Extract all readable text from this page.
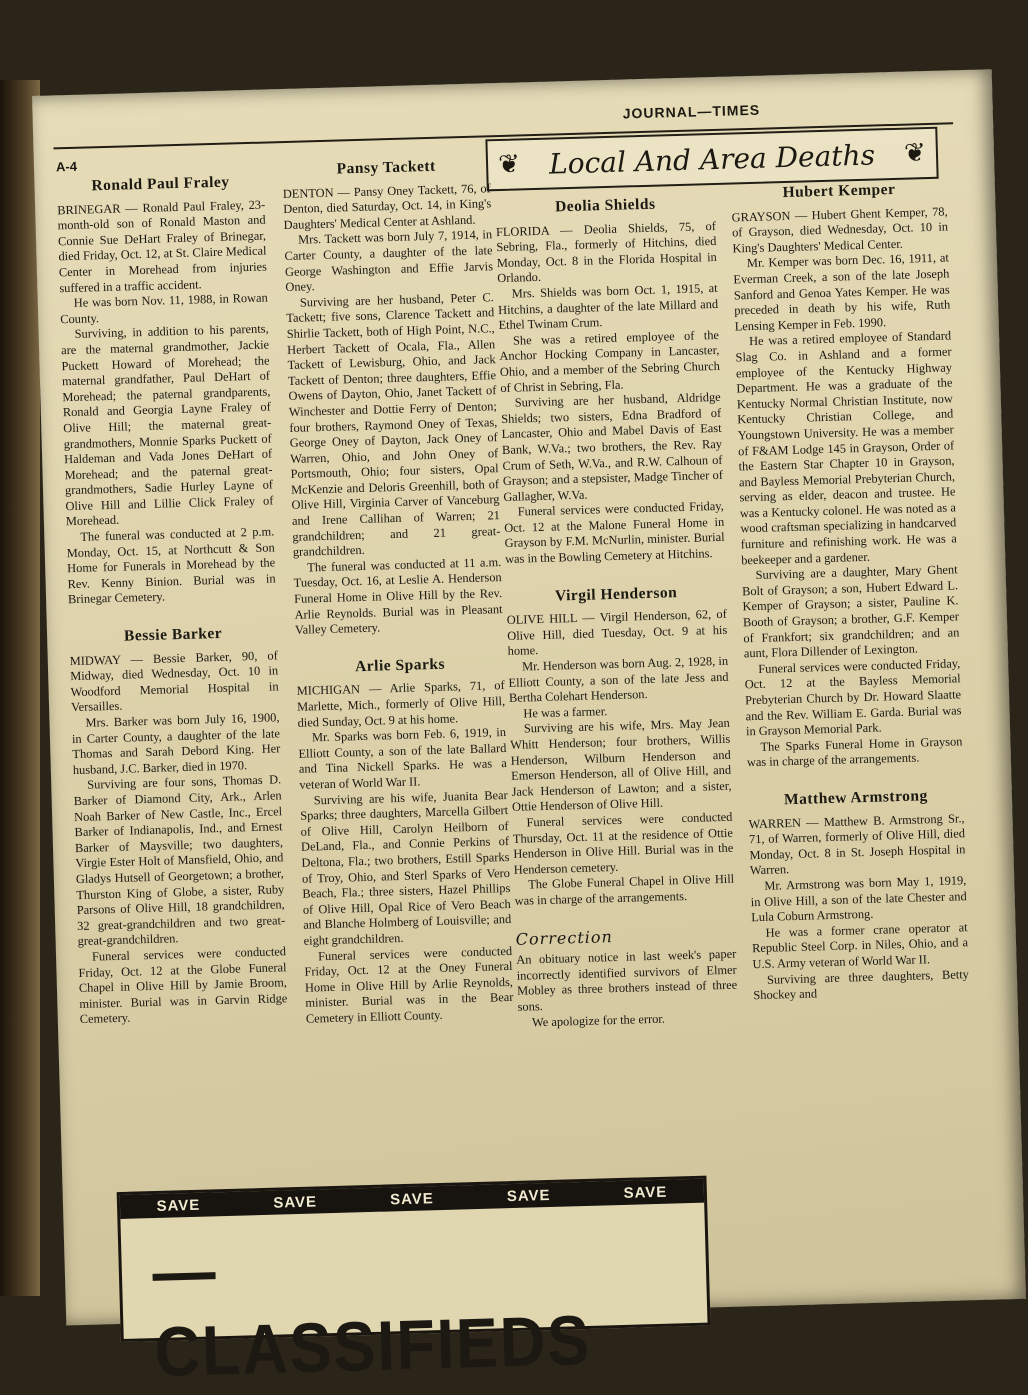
JOURNAL—TIMES
A-4	❦ Local And Area Deaths ❦
Ronald Paul Fraley

BRINEGAR — Ronald Paul Fraley, 23-month-old son of Ronald Maston and Connie Sue DeHart Fraley of Brinegar, died Friday, Oct. 12, at St. Claire Medical Center in Morehead from injuries suffered in a traffic accident.

He was born Nov. 11, 1988, in Rowan County.

Surviving, in addition to his parents, are the maternal grandmother, Jackie Puckett Howard of Morehead; the maternal grandfather, Paul DeHart of Morehead; the paternal grandparents, Ronald and Georgia Layne Fraley of Olive Hill; the maternal great-grandmothers, Monnie Sparks Puckett of Haldeman and Vada Jones DeHart of Morehead; and the paternal great-grandmothers, Sadie Hurley Layne of Olive Hill and Lillie Click Fraley of Morehead.

The funeral was conducted at 2 p.m. Monday, Oct. 15, at Northcutt & Son Home for Funerals in Morehead by the Rev. Kenny Binion. Burial was in Brinegar Cemetery.

Bessie Barker

MIDWAY — Bessie Barker, 90, of Midway, died Wednesday, Oct. 10 in Woodford Memorial Hospital in Versailles.

Mrs. Barker was born July 16, 1900, in Carter County, a daughter of the late Thomas and Sarah Debord King. Her husband, J.C. Barker, died in 1970.

Surviving are four sons, Thomas D. Barker of Diamond City, Ark., Arlen Noah Barker of New Castle, Inc., Ercel Barker of Indianapolis, Ind., and Ernest Barker of Maysville; two daughters, Virgie Ester Holt of Mansfield, Ohio, and Gladys Hutsell of Georgetown; a brother, Thurston King of Globe, a sister, Ruby Parsons of Olive Hill, 18 grandchildren, 32 great-grandchildren and two great-great-grandchildren.

Funeral services were conducted Friday, Oct. 12 at the Globe Funeral Chapel in Olive Hill by Jamie Broom, minister. Burial was in Garvin Ridge Cemetery.

Pansy Tackett

DENTON — Pansy Oney Tackett, 76, of Denton, died Saturday, Oct. 14, in King's Daughters' Medical Center at Ashland.

Mrs. Tackett was born July 7, 1914, in Carter County, a daughter of the late George Washington and Effie Jarvis Oney.

Surviving are her husband, Peter C. Tackett; five sons, Clarence Tackett and Shirlie Tackett, both of High Point, N.C., Herbert Tackett of Ocala, Fla., Allen Tackett of Lewisburg, Ohio, and Jack Tackett of Denton; three daughters, Effie Owens of Dayton, Ohio, Janet Tackett of Winchester and Dottie Ferry of Denton; four brothers, Raymond Oney of Texas, George Oney of Dayton, Jack Oney of Warren, Ohio, and John Oney of Portsmouth, Ohio; four sisters, Opal McKenzie and Deloris Greenhill, both of Olive Hill, Virginia Carver of Vanceburg and Irene Callihan of Warren; 21 grandchildren; and 21 great-grandchildren.

The funeral was conducted at 11 a.m. Tuesday, Oct. 16, at Leslie A. Henderson Funeral Home in Olive Hill by the Rev. Arlie Reynolds. Burial was in Pleasant Valley Cemetery.

Arlie Sparks

MICHIGAN — Arlie Sparks, 71, of Marlette, Mich., formerly of Olive Hill, died Sunday, Oct. 9 at his home.

Mr. Sparks was born Feb. 6, 1919, in Elliott County, a son of the late Ballard and Tina Nickell Sparks. He was a veteran of World War II.

Surviving are his wife, Juanita Bear Sparks; three daughters, Marcella Gilbert of Olive Hill, Carolyn Heilborn of DeLand, Fla., and Connie Perkins of Deltona, Fla.; two brothers, Estill Sparks of Troy, Ohio, and Sterl Sparks of Vero Beach, Fla.; three sisters, Hazel Phillips of Olive Hill, Opal Rice of Vero Beach and Blanche Holmberg of Louisville; and eight grandchildren.

Funeral services were conducted Friday, Oct. 12 at the Oney Funeral Home in Olive Hill by Arlie Reynolds, minister. Burial was in the Bear Cemetery in Elliott County.

Deolia Shields

FLORIDA — Deolia Shields, 75, of Sebring, Fla., formerly of Hitchins, died Monday, Oct. 8 in the Florida Hospital in Orlando.

Mrs. Shields was born Oct. 1, 1915, at Hitchins, a daughter of the late Millard and Ethel Twinam Crum.

She was a retired employee of the Anchor Hocking Company in Lancaster, Ohio, and a member of the Sebring Church of Christ in Sebring, Fla.

Surviving are her husband, Aldridge Shields; two sisters, Edna Bradford of Lancaster, Ohio and Mabel Davis of East Bank, W.Va.; two brothers, the Rev. Ray Crum of Seth, W.Va., and R.W. Calhoun of Grayson; and a stepsister, Madge Tincher of Gallagher, W.Va.

Funeral services were conducted Friday, Oct. 12 at the Malone Funeral Home in Grayson by F.M. McNurlin, minister. Burial was in the Bowling Cemetery at Hitchins.

Virgil Henderson

OLIVE HILL — Virgil Henderson, 62, of Olive Hill, died Tuesday, Oct. 9 at his home.

Mr. Henderson was born Aug. 2, 1928, in Elliott County, a son of the late Jess and Bertha Colehart Henderson.

He was a farmer.

Surviving are his wife, Mrs. May Jean Whitt Henderson; four brothers, Willis Henderson, Wilburn Henderson and Emerson Henderson, all of Olive Hill, and Jack Henderson of Lawton; and a sister, Ottie Henderson of Olive Hill.

Funeral services were conducted Thursday, Oct. 11 at the residence of Ottie Henderson in Olive Hill. Burial was in the Henderson cemetery.

The Globe Funeral Chapel in Olive Hill was in charge of the arrangements.

Correction

An obituary notice in last week's paper incorrectly identified survivors of Elmer Mobley as three brothers instead of three sons.

We apologize for the error.

Hubert Kemper

GRAYSON — Hubert Ghent Kemper, 78, of Grayson, died Wednesday, Oct. 10 in King's Daughters' Medical Center.

Mr. Kemper was born Dec. 16, 1911, at Everman Creek, a son of the late Joseph Sanford and Genoa Yates Kemper. He was preceded in death by his wife, Ruth Lensing Kemper in Feb. 1990.

He was a retired employee of Standard Slag Co. in Ashland and a former employee of the Kentucky Highway Department. He was a graduate of the Kentucky Normal Christian Institute, now Kentucky Christian College, and Youngstown University. He was a member of F&AM Lodge 145 in Grayson, Order of the Eastern Star Chapter 10 in Grayson, and Bayless Memorial Prebyterian Church, serving as elder, deacon and trustee. He was a Kentucky colonel. He was noted as a wood craftsman specializing in handcarved furniture and refinishing work. He was a beekeeper and a gardener.

Surviving are a daughter, Mary Ghent Bolt of Grayson; a son, Hubert Edward L. Kemper of Grayson; a sister, Pauline K. Booth of Grayson; a brother, G.F. Kemper of Frankfort; six grandchildren; and an aunt, Flora Dillender of Lexington.

Funeral services were conducted Friday, Oct. 12 at the Bayless Memorial Prebyterian Church by Dr. Howard Slaatte and the Rev. William E. Garda. Burial was in Grayson Memorial Park.

The Sparks Funeral Home in Grayson was in charge of the arrangements.

Matthew Armstrong

WARREN — Matthew B. Armstrong Sr., 71, of Warren, formerly of Olive Hill, died Monday, Oct. 8 in St. Joseph Hospital in Warren.

Mr. Armstrong was born May 1, 1919, in Olive Hill, a son of the late Chester and Lula Coburn Armstrong.

He was a former crane operator at Republic Steel Corp. in Niles, Ohio, and a U.S. Army veteran of World War II.

Surviving are three daughters, Betty Shockey and

SAVE	SAVE	SAVE	SAVE	SAVE
—CLASSIFIEDS
